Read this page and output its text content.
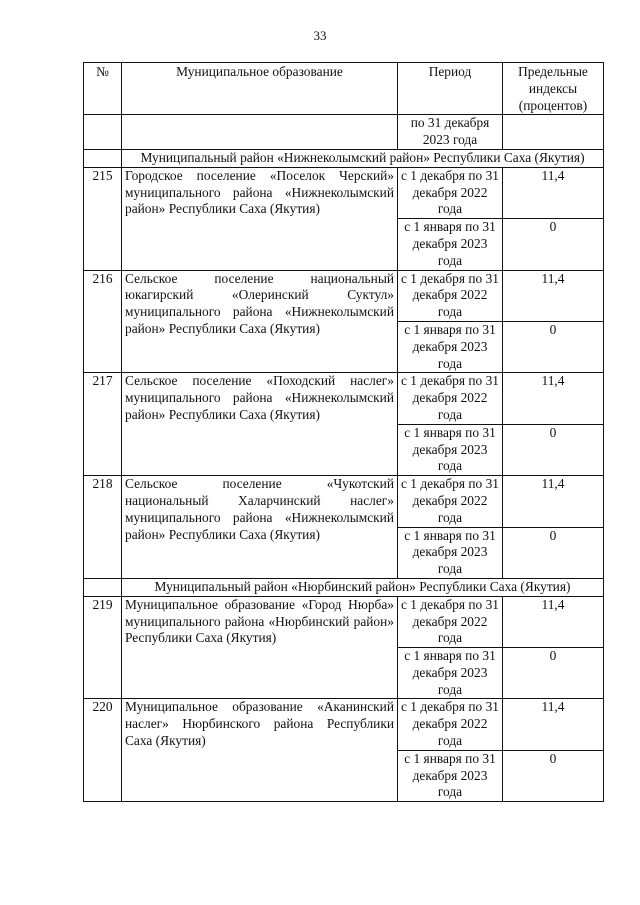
33
№	Муниципальное образование	Период	Предельные индексы (процентов)
		по 31 декабря 2023 года	
	Муниципальный район «Нижнеколымский район» Республики Саха (Якутия)		
215	Городское поселение «Поселок Черский» муниципального района «Нижнеколымский район» Республики Саха (Якутия)	с 1 декабря по 31 декабря 2022 года	11,4
		с 1 января по 31 декабря 2023 года	0
216	Сельское поселение национальный юкагирский «Олеринский Суктул» муниципального района «Нижнеколымский район» Республики Саха (Якутия)	с 1 декабря по 31 декабря 2022 года	11,4
		с 1 января по 31 декабря 2023 года	0
217	Сельское поселение «Походский наслег» муниципального района «Нижнеколымский район» Республики Саха (Якутия)	с 1 декабря по 31 декабря 2022 года	11,4
		с 1 января по 31 декабря 2023 года	0
218	Сельское поселение «Чукотский национальный Халарчинский наслег» муниципального района «Нижнеколымский район» Республики Саха (Якутия)	с 1 декабря по 31 декабря 2022 года	11,4
		с 1 января по 31 декабря 2023 года	0
	Муниципальный район «Нюрбинский район» Республики Саха (Якутия)		
219	Муниципальное образование «Город Нюрба» муниципального района «Нюрбинский район» Республики Саха (Якутия)	с 1 декабря по 31 декабря 2022 года	11,4
		с 1 января по 31 декабря 2023 года	0
220	Муниципальное образование «Аканинский наслег» Нюрбинского района Республики Саха (Якутия)	с 1 декабря по 31 декабря 2022 года	11,4
		с 1 января по 31 декабря 2023 года	0
